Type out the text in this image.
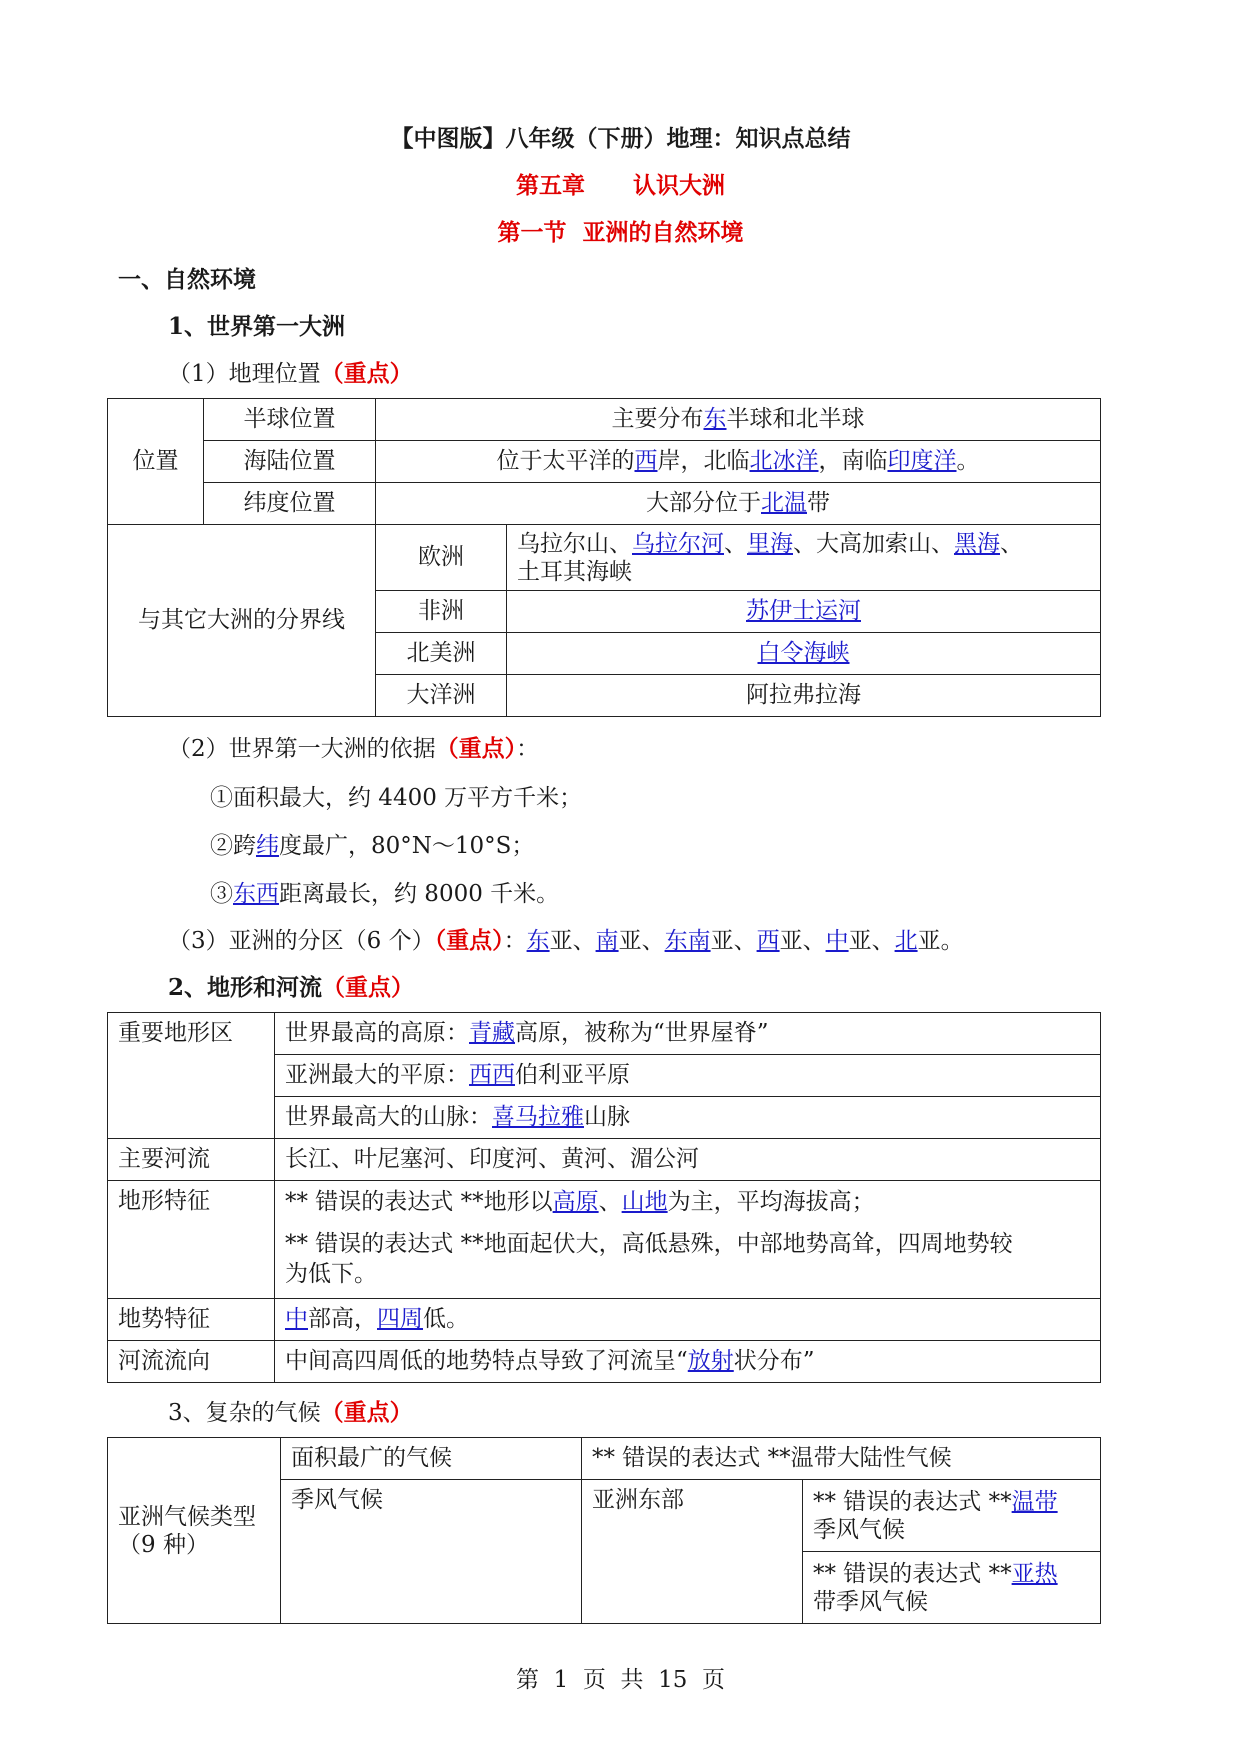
【中图版】八年级（下册）地理：知识点总结
第五章      认识大洲
第一节  亚洲的自然环境
一、自然环境
1、世界第一大洲
（1）地理位置（重点）
位置	半球位置	主要分布东半球和北半球	
	海陆位置	位于太平洋的西岸，北临北冰洋，南临印度洋。	
	纬度位置	大部分位于北温带	
与其它大洲的分界线		欧洲	乌拉尔山、乌拉尔河、里海、大高加索山、黑海、
土耳其海峡

		非洲	苏伊士运河
		北美洲	白令海峡
		大洋洲	阿拉弗拉海
（2）世界第一大洲的依据（重点）：
①面积最大，约 4400 万平方千米；
②跨纬度最广，80°N～10°S；
③东西距离最长，约 8000 千米。
（3）亚洲的分区（6 个）（重点）：东亚、南亚、东南亚、西亚、中亚、北亚。
2、地形和河流（重点）
重要地形区	世界最高的高原：青藏高原，被称为“世界屋脊”
	亚洲最大的平原：西西伯利亚平原
	世界最高大的山脉：喜马拉雅山脉
主要河流	长江、叶尼塞河、印度河、黄河、湄公河
地形特征	** 错误的表达式 **地形以高原、山地为主，平均海拔高；
** 错误的表达式 **地面起伏大，高低悬殊，中部地势高耸，四周地势较
为低下。

地势特征	中部高，四周低。
河流流向	中间高四周低的地势特点导致了河流呈“放射状分布”
3、复杂的气候（重点）
亚洲气候类型
（9 种）	面积最广的气候	** 错误的表达式 **温带大陆性气候	
	季风气候	亚洲东部	** 错误的表达式 **温带
季风气候

			** 错误的表达式 **亚热
带季风气候
第  1  页  共  15  页
